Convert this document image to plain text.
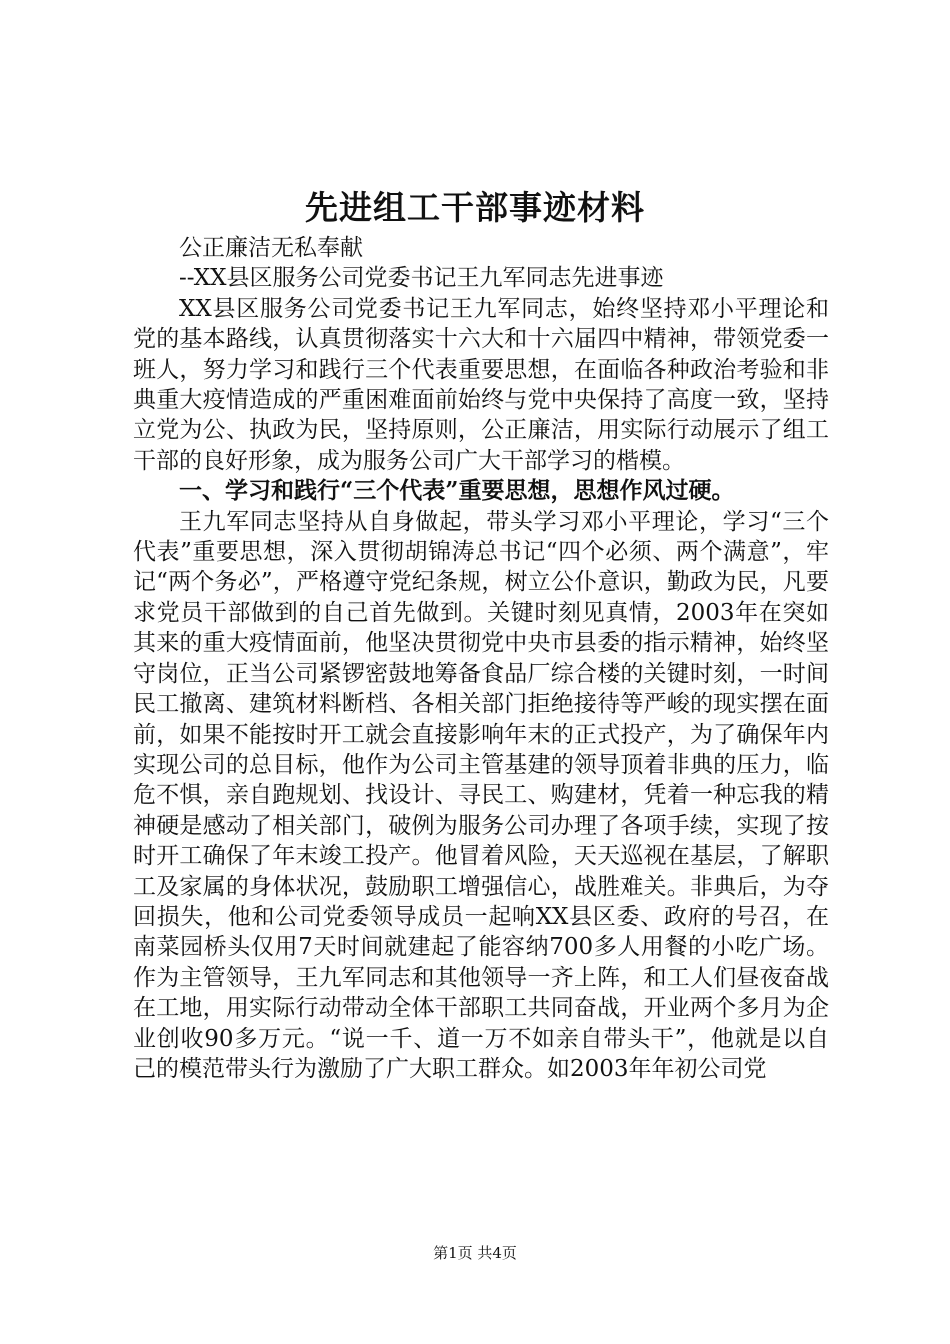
先进组工干部事迹材料

公正廉洁无私奉献

--XX县区服务公司党委书记王九军同志先进事迹

XX县区服务公司党委书记王九军同志，始终坚持邓小平理论和党的基本路线，认真贯彻落实十六大和十六届四中精神，带领党委一班人，努力学习和践行三个代表重要思想，在面临各种政治考验和非典重大疫情造成的严重困难面前始终与党中央保持了高度一致，坚持立党为公、执政为民，坚持原则，公正廉洁，用实际行动展示了组工干部的良好形象，成为服务公司广大干部学习的楷模。

一、学习和践行“三个代表”重要思想，思想作风过硬。

王九军同志坚持从自身做起，带头学习邓小平理论，学习“三个代表”重要思想，深入贯彻胡锦涛总书记“四个必须、两个满意”，牢记“两个务必”，严格遵守党纪条规，树立公仆意识，勤政为民，凡要求党员干部做到的自己首先做到。关键时刻见真情，2003年在突如其来的重大疫情面前，他坚决贯彻党中央市县委的指示精神，始终坚守岗位，正当公司紧锣密鼓地筹备食品厂综合楼的关键时刻，一时间民工撤离、建筑材料断档、各相关部门拒绝接待等严峻的现实摆在面前，如果不能按时开工就会直接影响年末的正式投产，为了确保年内实现公司的总目标，他作为公司主管基建的领导顶着非典的压力，临危不惧，亲自跑规划、找设计、寻民工、购建材，凭着一种忘我的精神硬是感动了相关部门，破例为服务公司办理了各项手续，实现了按时开工确保了年末竣工投产。他冒着风险，天天巡视在基层，了解职工及家属的身体状况，鼓励职工增强信心，战胜难关。非典后，为夺回损失，他和公司党委领导成员一起响XX县区委、政府的号召，在南菜园桥头仅用7天时间就建起了能容纳700多人用餐的小吃广场。作为主管领导，王九军同志和其他领导一齐上阵，和工人们昼夜奋战在工地，用实际行动带动全体干部职工共同奋战，开业两个多月为企业创收90多万元。“说一千、道一万不如亲自带头干”，他就是以自己的模范带头行为激励了广大职工群众。如2003年年初公司党

第1页 共4页
